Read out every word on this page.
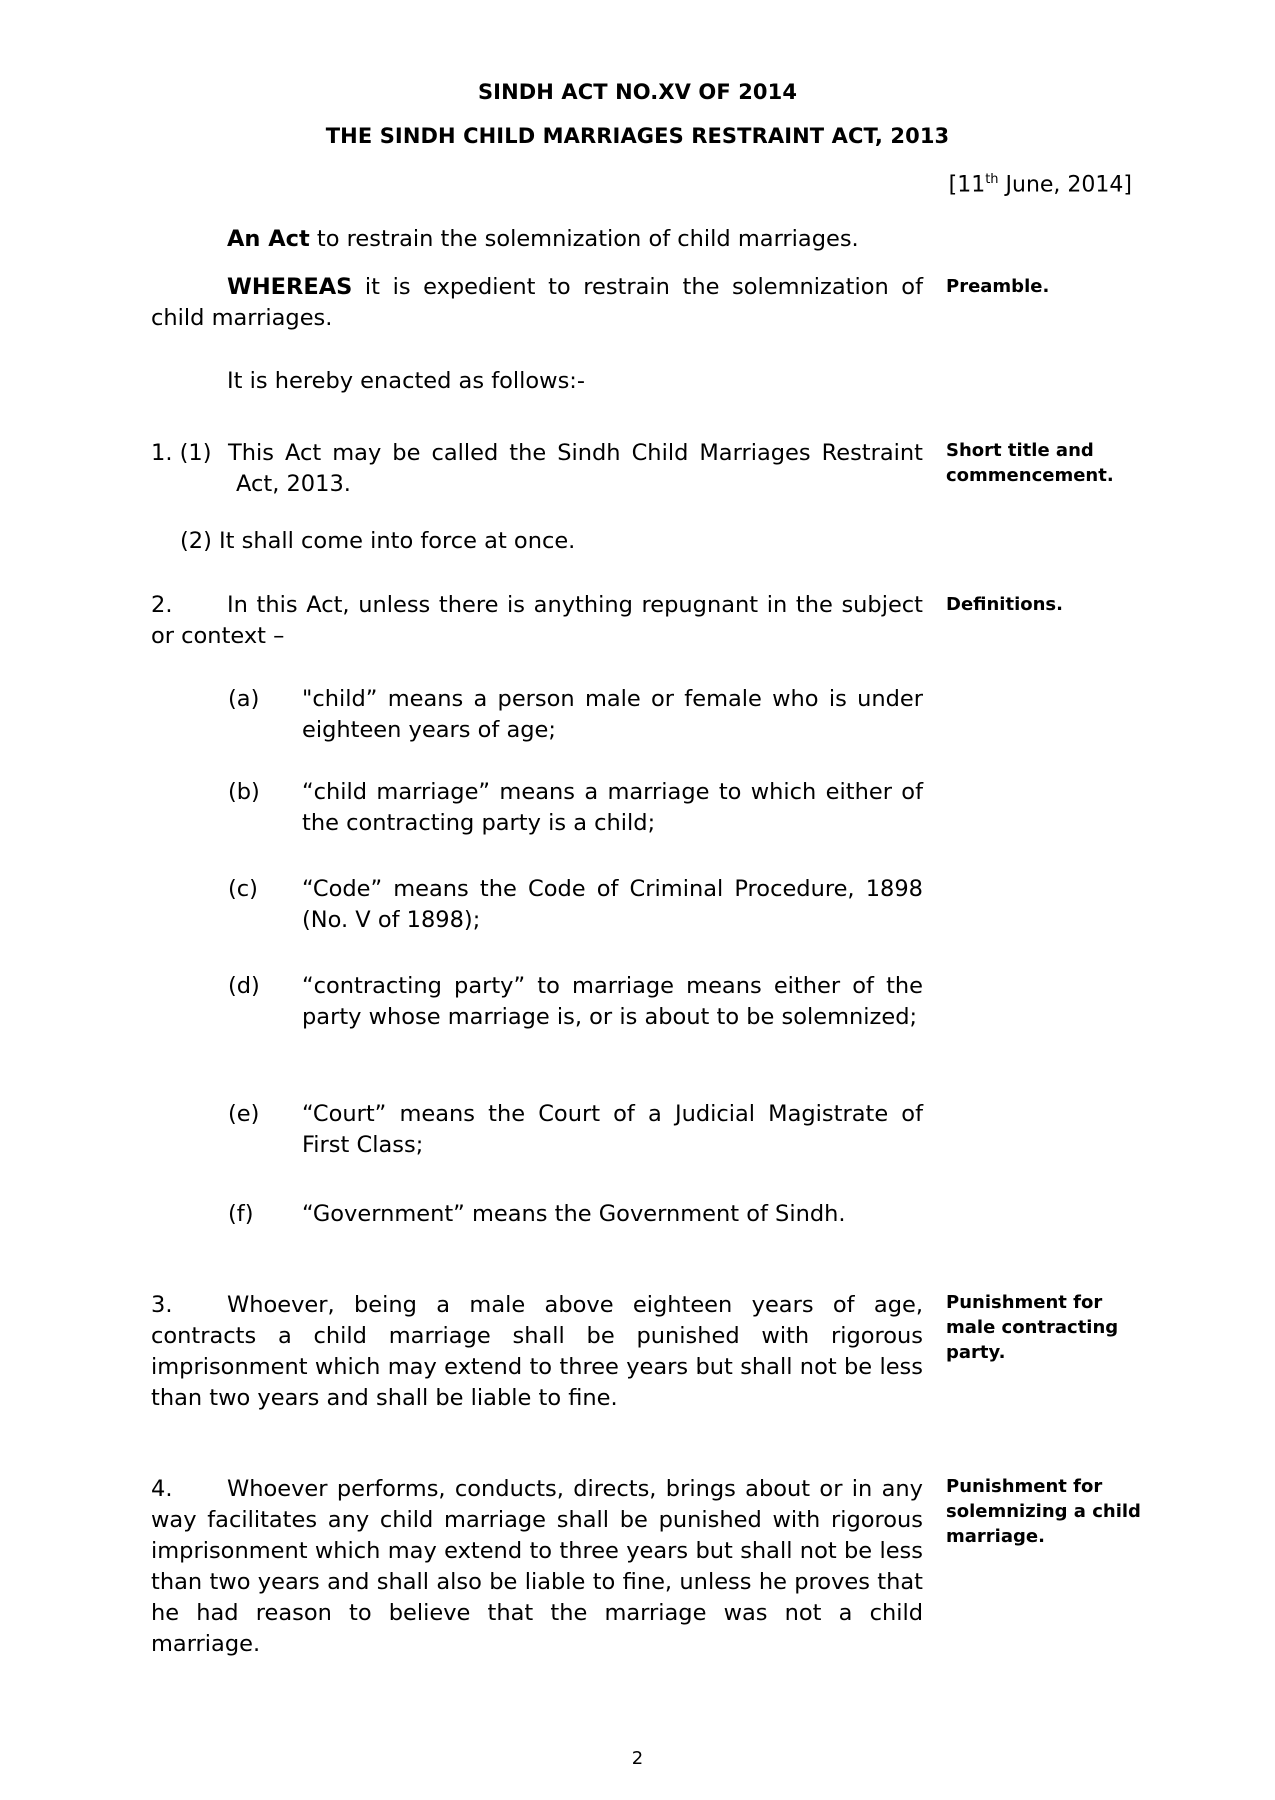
SINDH ACT NO.XV OF 2014
THE SINDH CHILD MARRIAGES RESTRAINT ACT, 2013
[11th June, 2014]
An Act to restrain the solemnization of child marriages.
WHEREAS it is expedient to restrain the solemnization of child marriages.
Preamble.
It is hereby enacted as follows:-
1. (1) This Act may be called the Sindh Child Marriages Restraint Act, 2013.
Short title and commencement.
(2) It shall come into force at once.
2.	In this Act, unless there is anything repugnant in the subject or context –
Definitions.
(a) "child” means a person male or female who is under eighteen years of age;
(b) “child marriage” means a marriage to which either of the contracting party is a child;
(c) “Code” means the Code of Criminal Procedure, 1898 (No. V of 1898);
(d) “contracting party” to marriage means either of the party whose marriage is, or is about to be solemnized;
(e) “Court” means the Court of a Judicial Magistrate of First Class;
(f) “Government” means the Government of Sindh.
3.	Whoever, being a male above eighteen years of age, contracts a child marriage shall be punished with rigorous imprisonment which may extend to three years but shall not be less than two years and shall be liable to fine.
Punishment for male contracting party.
4.	Whoever performs, conducts, directs, brings about or in any way facilitates any child marriage shall be punished with rigorous imprisonment which may extend to three years but shall not be less than two years and shall also be liable to fine, unless he proves that he had reason to believe that the marriage was not a child marriage.
Punishment for solemnizing a child marriage.
2
